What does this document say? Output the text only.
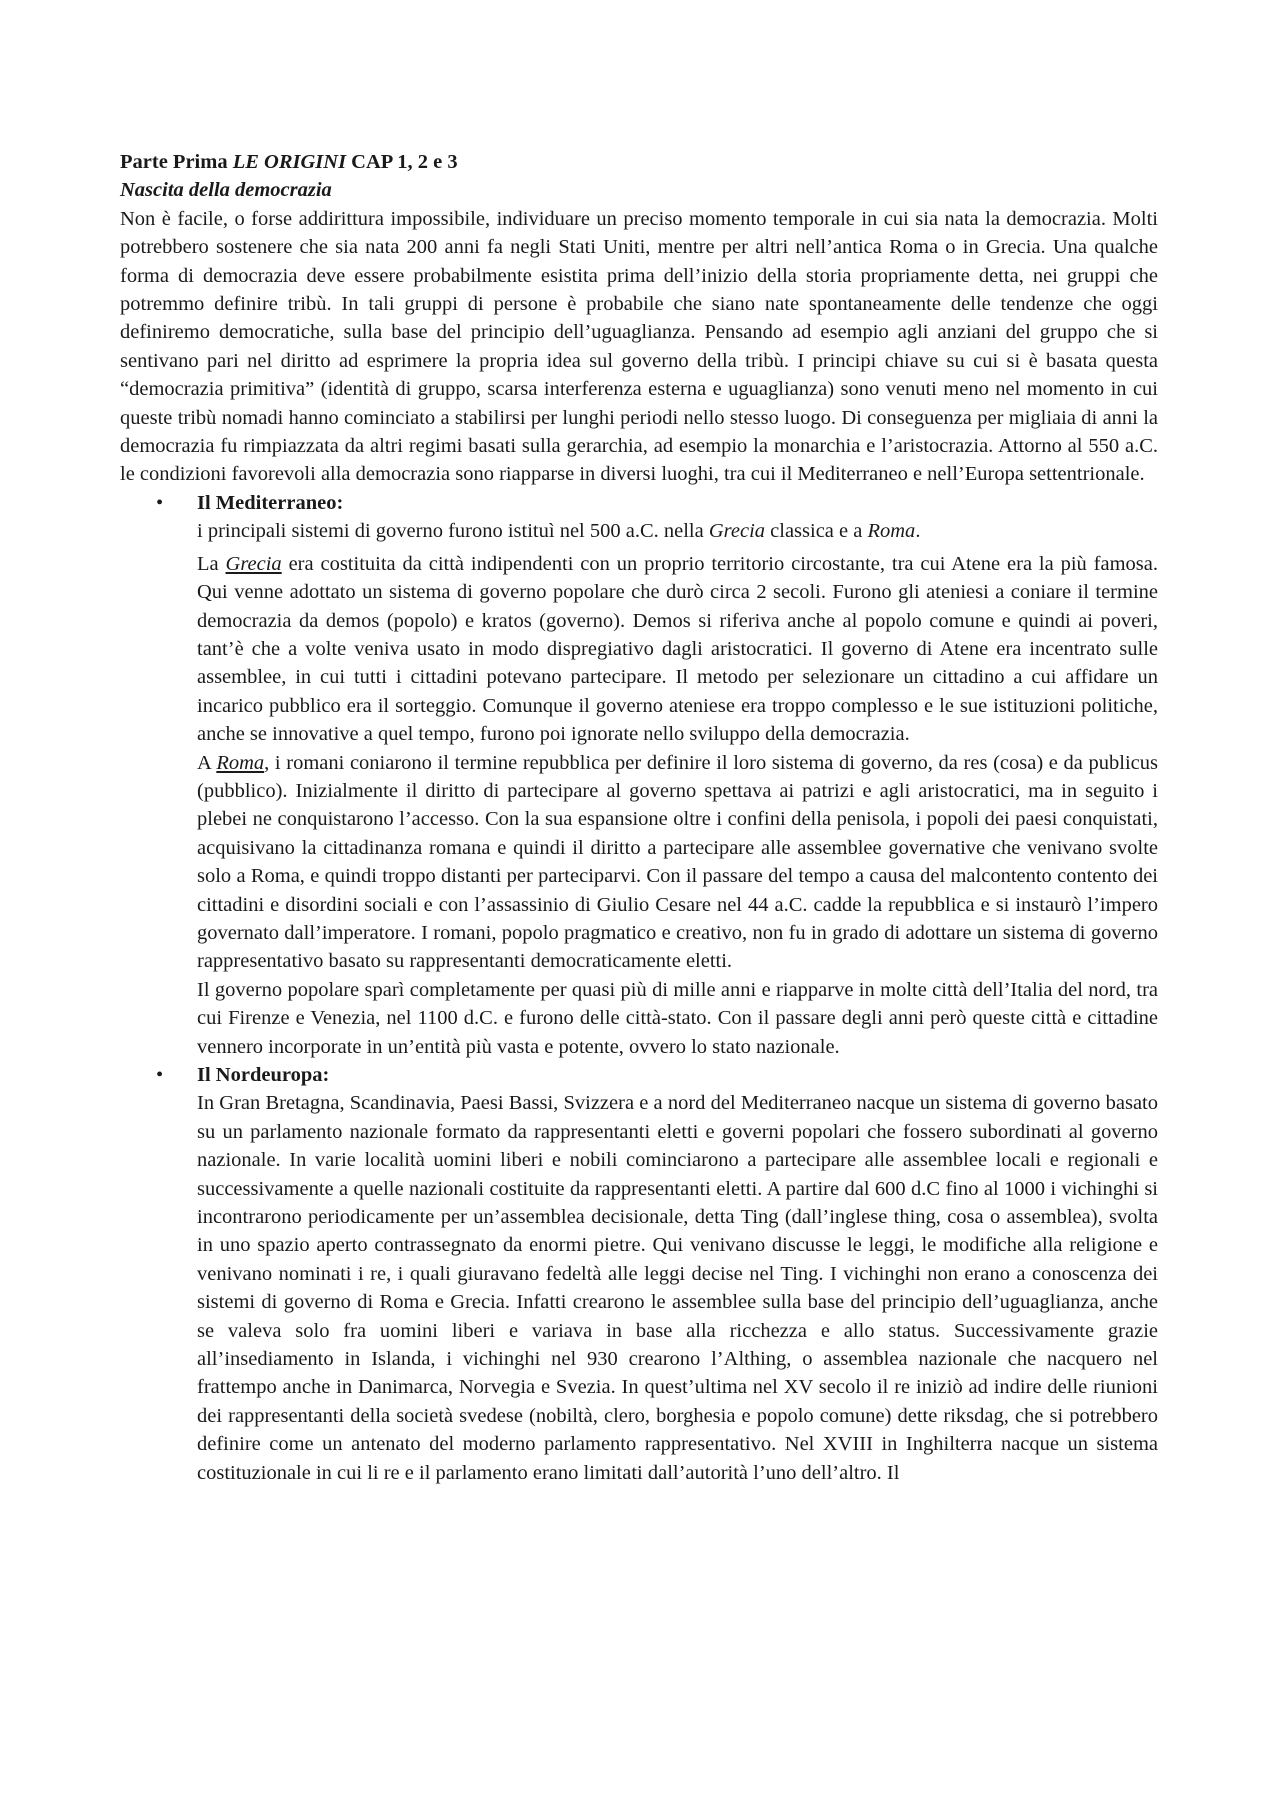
Parte Prima LE ORIGINI CAP 1, 2 e 3
Nascita della democrazia

Non è facile, o forse addirittura impossibile, individuare un preciso momento temporale in cui sia nata la democrazia. Molti potrebbero sostenere che sia nata 200 anni fa negli Stati Uniti, mentre per altri nell’antica Roma o in Grecia. Una qualche forma di democrazia deve essere probabilmente esistita prima dell’inizio della storia propriamente detta, nei gruppi che potremmo definire tribù. In tali gruppi di persone è probabile che siano nate spontaneamente delle tendenze che oggi definiremo democratiche, sulla base del principio dell’uguaglianza. Pensando ad esempio agli anziani del gruppo che si sentivano pari nel diritto ad esprimere la propria idea sul governo della tribù. I principi chiave su cui si è basata questa “democrazia primitiva” (identità di gruppo, scarsa interferenza esterna e uguaglianza) sono venuti meno nel momento in cui queste tribù nomadi hanno cominciato a stabilirsi per lunghi periodi nello stesso luogo. Di conseguenza per migliaia di anni la democrazia fu rimpiazzata da altri regimi basati sulla gerarchia, ad esempio la monarchia e l’aristocrazia. Attorno al 550 a.C. le condizioni favorevoli alla democrazia sono riapparse in diversi luoghi, tra cui il Mediterraneo e nell’Europa settentrionale.

• Il Mediterraneo:

i principali sistemi di governo furono istituì nel 500 a.C. nella Grecia classica e a Roma.

La Grecia era costituita da città indipendenti con un proprio territorio circostante, tra cui Atene era la più famosa. Qui venne adottato un sistema di governo popolare che durò circa 2 secoli. Furono gli ateniesi a coniare il termine democrazia da demos (popolo) e kratos (governo). Demos si riferiva anche al popolo comune e quindi ai poveri, tant’è che a volte veniva usato in modo dispregiativo dagli aristocratici. Il governo di Atene era incentrato sulle assemblee, in cui tutti i cittadini potevano partecipare. Il metodo per selezionare un cittadino a cui affidare un incarico pubblico era il sorteggio. Comunque il governo ateniese era troppo complesso e le sue istituzioni politiche, anche se innovative a quel tempo, furono poi ignorate nello sviluppo della democrazia.

A Roma, i romani coniarono il termine repubblica per definire il loro sistema di governo, da res (cosa) e da publicus (pubblico). Inizialmente il diritto di partecipare al governo spettava ai patrizi e agli aristocratici, ma in seguito i plebei ne conquistarono l’accesso. Con la sua espansione oltre i confini della penisola, i popoli dei paesi conquistati, acquisivano la cittadinanza romana e quindi il diritto a partecipare alle assemblee governative che venivano svolte solo a Roma, e quindi troppo distanti per parteciparvi. Con il passare del tempo a causa del malcontento contento dei cittadini e disordini sociali e con l’assassinio di Giulio Cesare nel 44 a.C. cadde la repubblica e si instaurò l’impero governato dall’imperatore. I romani, popolo pragmatico e creativo, non fu in grado di adottare un sistema di governo rappresentativo basato su rappresentanti democraticamente eletti.

Il governo popolare sparì completamente per quasi più di mille anni e riapparve in molte città dell’Italia del nord, tra cui Firenze e Venezia, nel 1100 d.C. e furono delle città-stato. Con il passare degli anni però queste città e cittadine vennero incorporate in un’entità più vasta e potente, ovvero lo stato nazionale.

• Il Nordeuropa:

In Gran Bretagna, Scandinavia, Paesi Bassi, Svizzera e a nord del Mediterraneo nacque un sistema di governo basato su un parlamento nazionale formato da rappresentanti eletti e governi popolari che fossero subordinati al governo nazionale. In varie località uomini liberi e nobili cominciarono a partecipare alle assemblee locali e regionali e successivamente a quelle nazionali costituite da rappresentanti eletti. A partire dal 600 d.C fino al 1000 i vichinghi si incontrarono periodicamente per un’assemblea decisionale, detta Ting (dall’inglese thing, cosa o assemblea), svolta in uno spazio aperto contrassegnato da enormi pietre. Qui venivano discusse le leggi, le modifiche alla religione e venivano nominati i re, i quali giuravano fedeltà alle leggi decise nel Ting. I vichinghi non erano a conoscenza dei sistemi di governo di Roma e Grecia. Infatti crearono le assemblee sulla base del principio dell’uguaglianza, anche se valeva solo fra uomini liberi e variava in base alla ricchezza e allo status. Successivamente grazie all’insediamento in Islanda, i vichinghi nel 930 crearono l’Althing, o assemblea nazionale che nacquero nel frattempo anche in Danimarca, Norvegia e Svezia. In quest’ultima nel XV secolo il re iniziò ad indire delle riunioni dei rappresentanti della società svedese (nobiltà, clero, borghesia e popolo comune) dette riksdag, che si potrebbero definire come un antenato del moderno parlamento rappresentativo. Nel XVIII in Inghilterra nacque un sistema costituzionale in cui li re e il parlamento erano limitati dall’autorità l’uno dell’altro. Il
